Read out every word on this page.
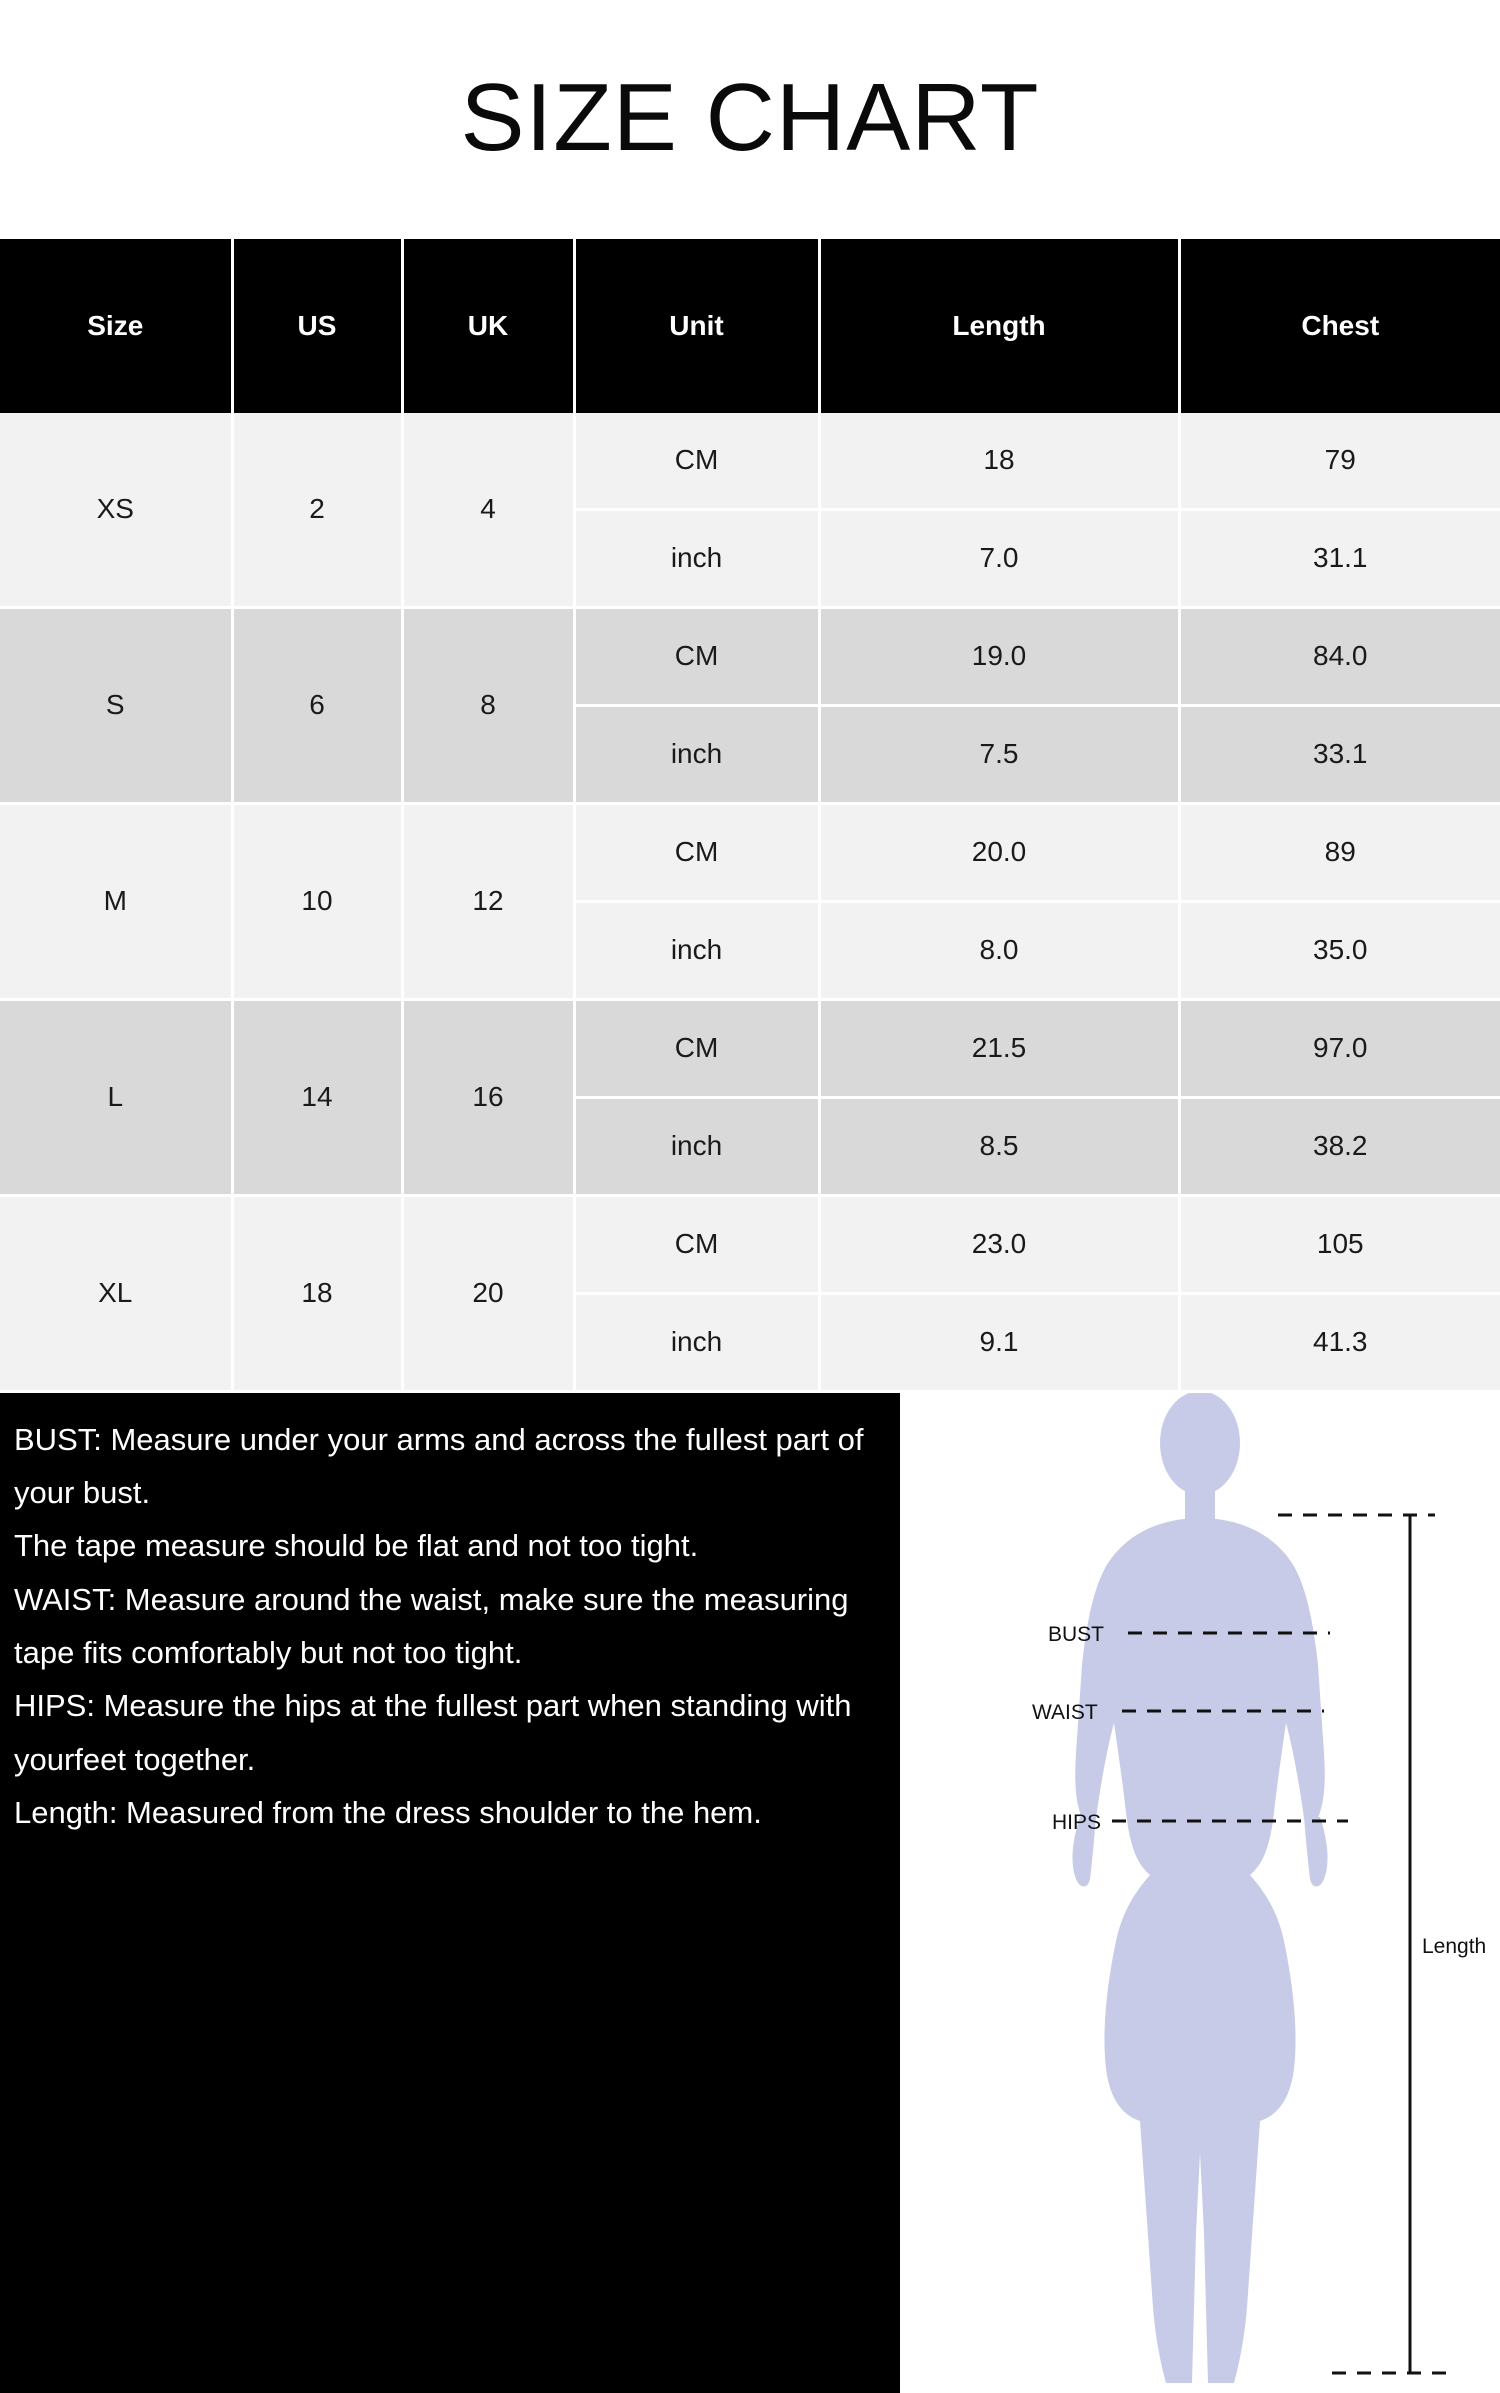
SIZE CHART
Size	US	UK	Unit	Length	Chest
XS	2	4	CM	18	79
			inch	7.0	31.1
S	6	8	CM	19.0	84.0
			inch	7.5	33.1
M	10	12	CM	20.0	89
			inch	8.0	35.0
L	14	16	CM	21.5	97.0
			inch	8.5	38.2
XL	18	20	CM	23.0	105
			inch	9.1	41.3

BUST: Measure under your arms and across the fullest part of your bust.

The tape measure should be flat and not too tight.

WAIST: Measure around the waist, make sure the measuring tape fits comfortably but not too tight.

HIPS: Measure the hips at the fullest part when standing with yourfeet together.

Length: Measured from the dress shoulder to the hem.

BUST
WAIST
HIPS
Length
